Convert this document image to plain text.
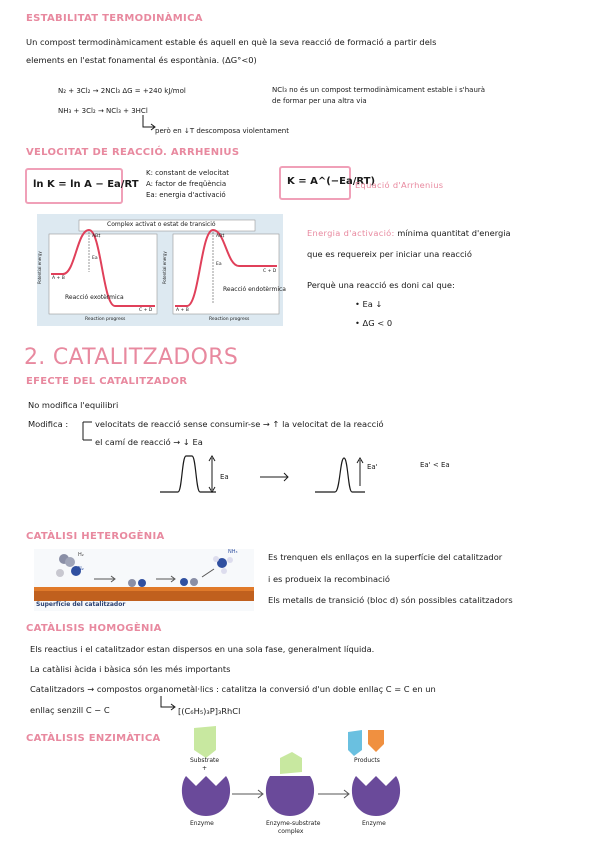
ESTABILITAT TERMODINÀMICA
Un compost termodinàmicament estable és aquell en què la seva reacció de formació a partir dels
elements en l'estat fonamental és espontània. (ΔG°<0)
N₂ + 3Cl₂ → 2NCl₃ ΔG = +240 kJ/mol	NCl₃ no és un compost termodinàmicament estable i s'haurà
de formar per una altra via
NH₃ + 3Cl₂ → NCl₃ + 3HCl
però en ↓T descomposa violentament
VELOCITAT DE REACCIÓ. ARRHENIUS
ln K = ln A − Ea/RT
K: constant de velocitat
A: factor de freqüència
Ea: energia d'activació
K = A^(−Ea/RT)
Equació d'Arrhenius
Complex activat o estat de transició
AB‡
Ea
A + B
C + D
Reacció exotèrmica
Potential energy
Reaction progress
AB‡
Ea
A + B
C + D
Reacció endotèrmica
Potential energy
Reaction progress
Energia d'activació: mínima quantitat d'energia
que es requereix per iniciar una reacció
Perquè una reacció es doni cal que:
• Ea ↓
• ΔG < 0
2. CATALITZADORS
EFECTE DEL CATALITZADOR
No modifica l'equilibri
Modifica :	velocitats de reacció sense consumir-se → ↑ la velocitat de la reacció
el camí de reacció → ↓ Ea
Ea
Ea'	Ea' < Ea
CATÀLISI HETEROGÈNIA
H₂
N₂
NH₃
Superfície del catalitzador
Es trenquen els enllaços en la superfície del catalitzador
i es produeix la recombinació
Els metalls de transició (bloc d) són possibles catalitzadors
CATÀLISIS HOMOGÈNIA
Els reactius i el catalitzador estan dispersos en una sola fase, generalment líquida.
La catàlisi àcida i bàsica són les més importants
Catalitzadors → compostos organometàl·lics : catalitza la conversió d'un doble enllaç C = C en un
enllaç senzill C − C	[(C₆H₅)₃P]₃RhCl
CATÀLISIS ENZIMÀTICA
Substrate
+
Products
Enzyme	Enzyme-substrate
complex
Enzyme
